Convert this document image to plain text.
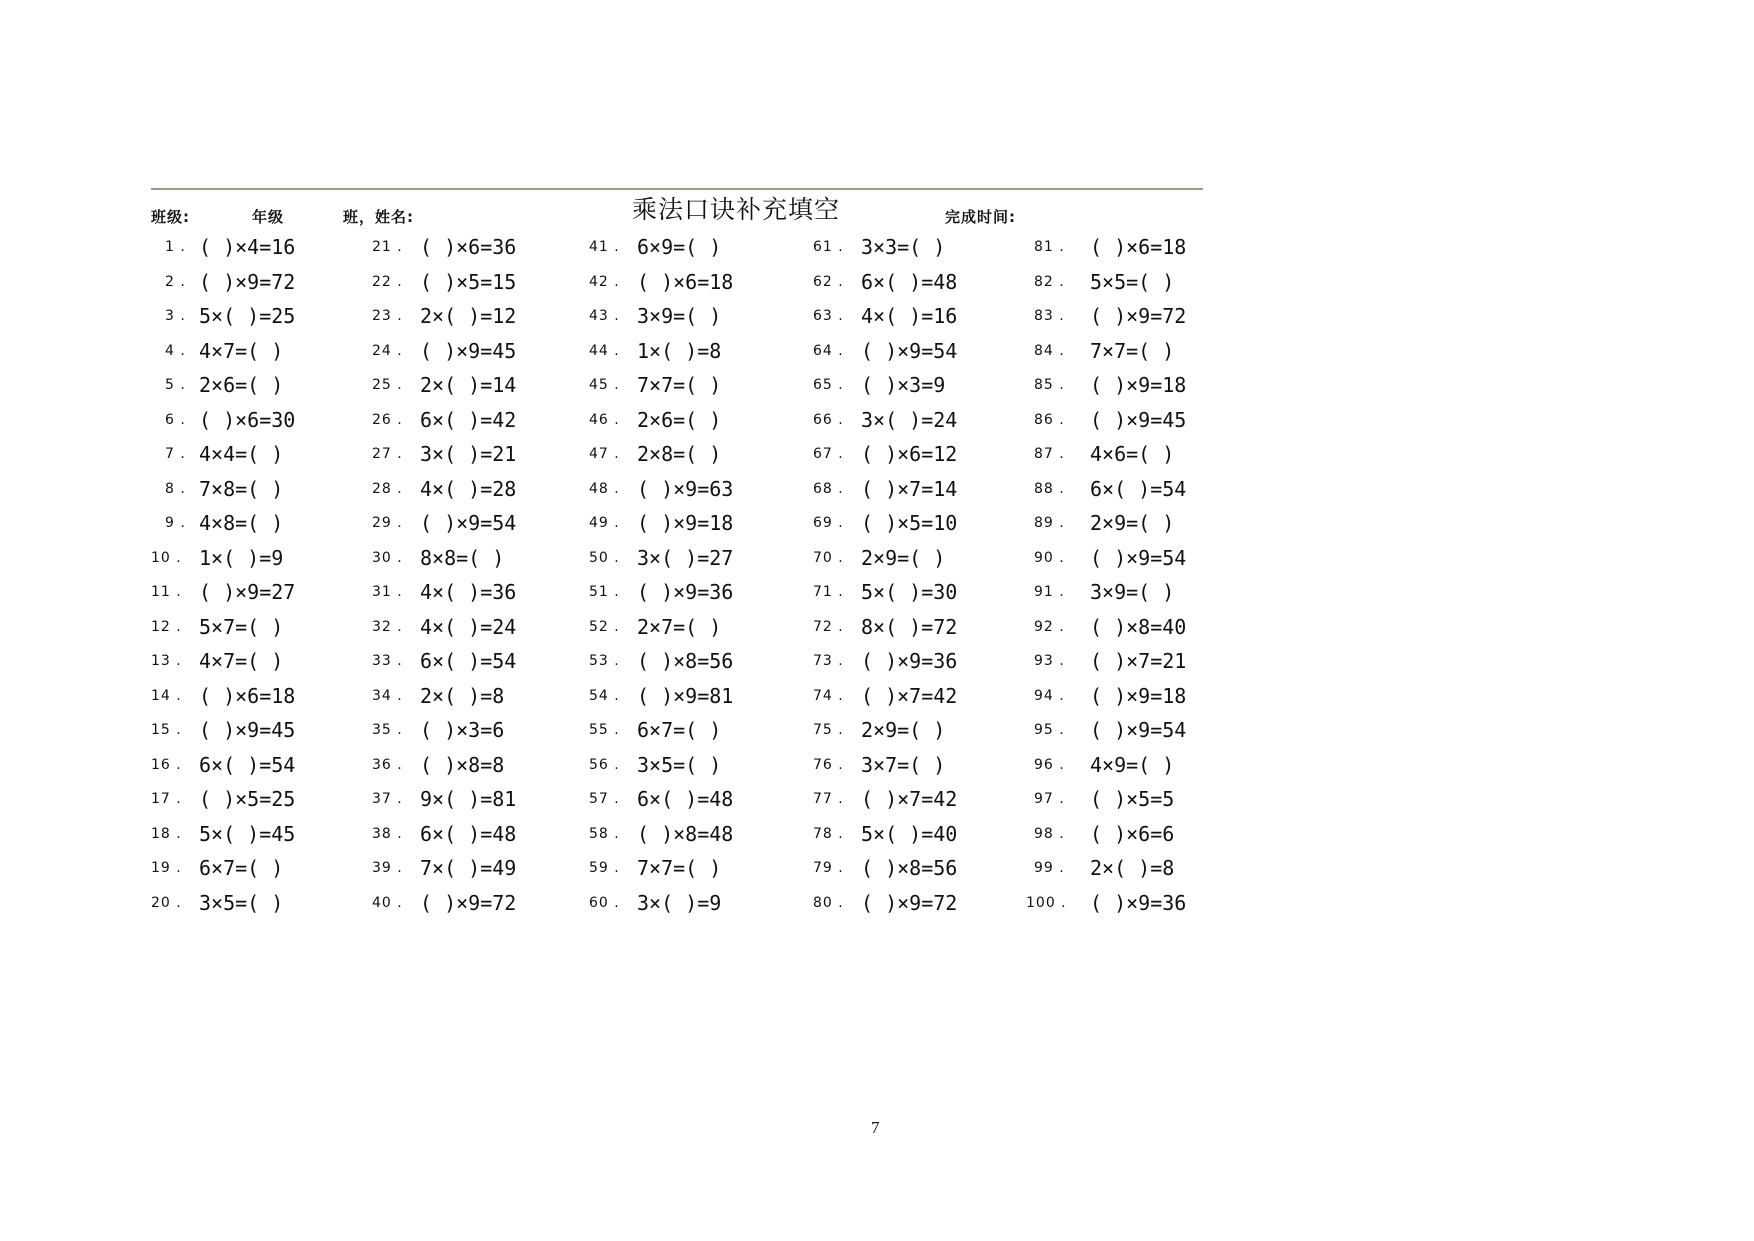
班级:	年级	班，姓名:	乘法口诀补充填空	完成时间:
1 . ( )×4=16
2 . ( )×9=72
3 . 5×( )=25
4 . 4×7=( )
5 . 2×6=( )
6 . ( )×6=30
7 . 4×4=( )
8 . 7×8=( )
9 . 4×8=( )
10 . 1×( )=9
11 . ( )×9=27
12 . 5×7=( )
13 . 4×7=( )
14 . ( )×6=18
15 . ( )×9=45
16 . 6×( )=54
17 . ( )×5=25
18 . 5×( )=45
19 . 6×7=( )
20 . 3×5=( )
21 . ( )×6=36
22 . ( )×5=15
23 . 2×( )=12
24 . ( )×9=45
25 . 2×( )=14
26 . 6×( )=42
27 . 3×( )=21
28 . 4×( )=28
29 . ( )×9=54
30 . 8×8=( )
31 . 4×( )=36
32 . 4×( )=24
33 . 6×( )=54
34 . 2×( )=8
35 . ( )×3=6
36 . ( )×8=8
37 . 9×( )=81
38 . 6×( )=48
39 . 7×( )=49
40 . ( )×9=72
41 . 6×9=( )
42 . ( )×6=18
43 . 3×9=( )
44 . 1×( )=8
45 . 7×7=( )
46 . 2×6=( )
47 . 2×8=( )
48 . ( )×9=63
49 . ( )×9=18
50 . 3×( )=27
51 . ( )×9=36
52 . 2×7=( )
53 . ( )×8=56
54 . ( )×9=81
55 . 6×7=( )
56 . 3×5=( )
57 . 6×( )=48
58 . ( )×8=48
59 . 7×7=( )
60 . 3×( )=9
61 . 3×3=( )
62 . 6×( )=48
63 . 4×( )=16
64 . ( )×9=54
65 . ( )×3=9
66 . 3×( )=24
67 . ( )×6=12
68 . ( )×7=14
69 . ( )×5=10
70 . 2×9=( )
71 . 5×( )=30
72 . 8×( )=72
73 . ( )×9=36
74 . ( )×7=42
75 . 2×9=( )
76 . 3×7=( )
77 . ( )×7=42
78 . 5×( )=40
79 . ( )×8=56
80 . ( )×9=72
81 . ( )×6=18
82 . 5×5=( )
83 . ( )×9=72
84 . 7×7=( )
85 . ( )×9=18
86 . ( )×9=45
87 . 4×6=( )
88 . 6×( )=54
89 . 2×9=( )
90 . ( )×9=54
91 . 3×9=( )
92 . ( )×8=40
93 . ( )×7=21
94 . ( )×9=18
95 . ( )×9=54
96 . 4×9=( )
97 . ( )×5=5
98 . ( )×6=6
99 . 2×( )=8
100 . ( )×9=36
7
